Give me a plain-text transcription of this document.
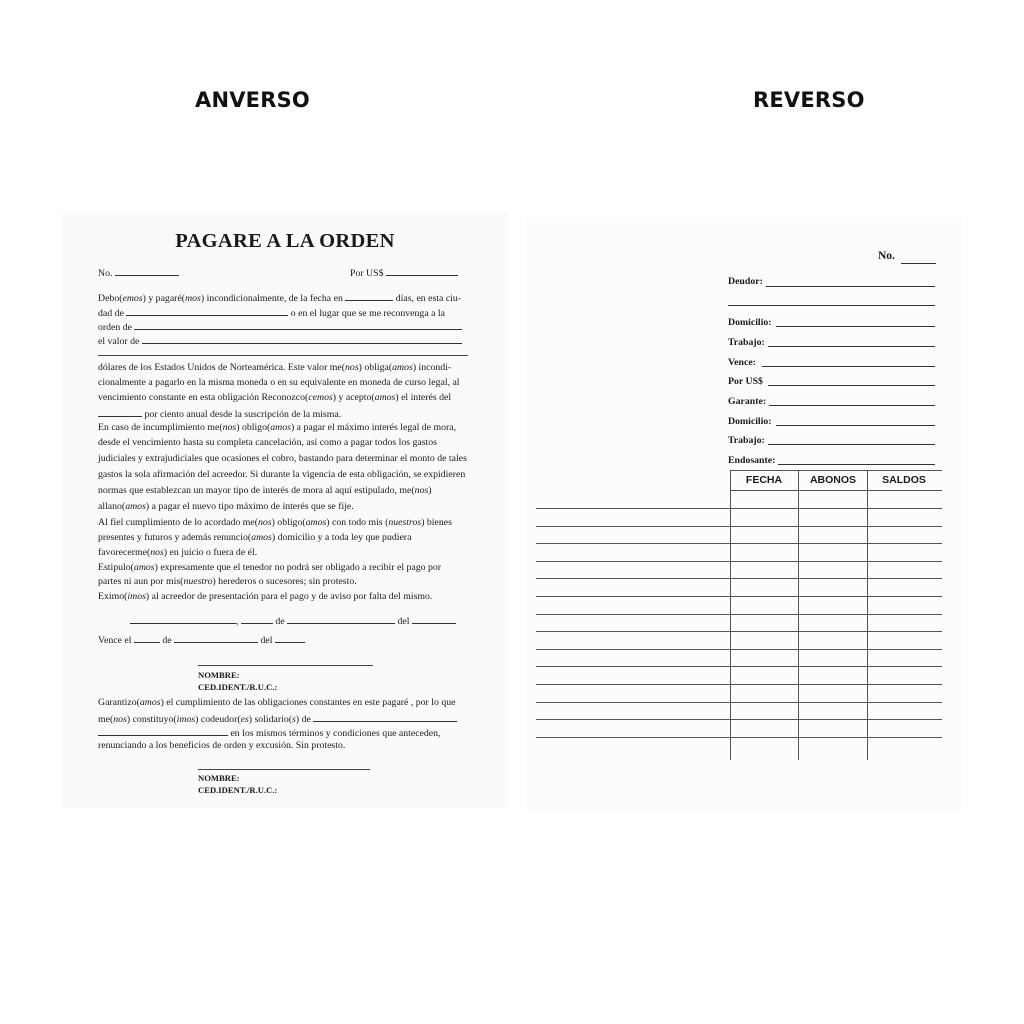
ANVERSO	REVERSO
PAGARE A LA ORDEN
No.	Por US$
Debo(emos) y pagaré(mos) incondicionalmente, de la fecha en	días, en esta ciu-
dad de	o en el lugar que se me reconvenga a la
orden de
el valor de
dólares de los Estados Unidos de Norteamérica. Este valor me(nos) obliga(amos) incondi-
cionalmente a pagarlo en la misma moneda o en su equivalente en moneda de curso legal, al
vencimiento constante en esta obligación Reconozco(cemos) y acepto(amos) el interés del
por ciento anual desde la suscripción de la misma.
En caso de incumplimiento me(nos) obligo(amos) a pagar el máximo interés legal de mora,
desde el vencimiento hasta su completa cancelación, así como a pagar todos los gastos
judiciales y extrajudiciales que ocasiones el cobro, bastando para determinar el monto de tales
gastos la sola afirmación del acreedor. Si durante la vigencia de esta obligación, se expidieren
normas que establezcan un mayor tipo de interés de mora al aquí estipulado, me(nos)
allano(amos) a pagar el nuevo tipo máximo de interés que se fije.
Al fiel cumplimiento de lo acordado me(nos) obligo(amos) con todo mis (nuestros) bienes
presentes y futuros y además renuncio(amos) domicilio y a toda ley que pudiera
favorecerme(nos) en juicio o fuera de él.
Estipulo(amos) expresamente que el tenedor no podrá ser obligado a recibir el pago por
partes ni aun por mis(nuestro) herederos o sucesores; sin protesto.
Eximo(imos) al acreedor de presentación para el pago y de aviso por falta del mismo.
,	de	del
Vence el	de	del
NOMBRE:
CED.IDENT./R.U.C.:
Garantizo(amos) el cumplimiento de las obligaciones constantes en este pagaré , por lo que
me(nos) constituyo(imos) codeudor(es) solidario(s) de
en los mismos términos y condiciones que anteceden,
renunciando a los beneficios de orden y excusión. Sin protesto.
NOMBRE:
CED.IDENT./R.U.C.:
No.
Deudor:
Domicilio:
Trabajo:
Vence:
Por US$
Garante:
Domicilio:
Trabajo:
Endosante:
FECHA	ABONOS	SALDOS
